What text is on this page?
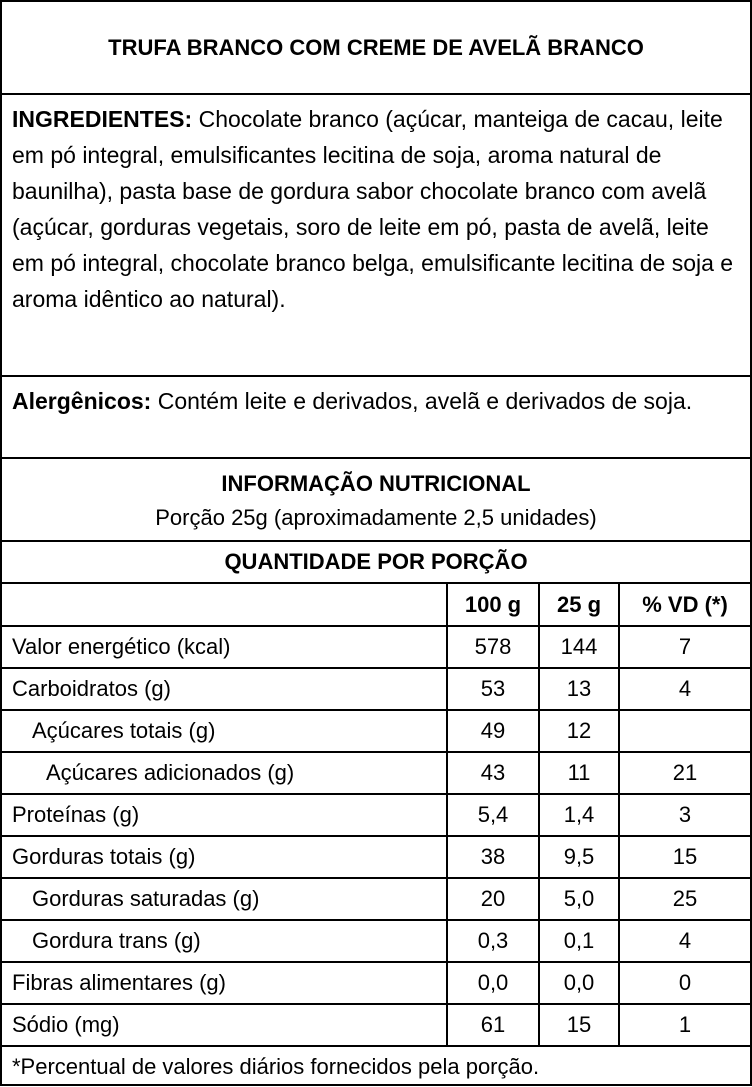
TRUFA BRANCO COM CREME DE AVELÃ BRANCO
INGREDIENTES: Chocolate branco (açúcar, manteiga de cacau, leite em pó integral, emulsificantes lecitina de soja, aroma natural de baunilha), pasta base de gordura sabor chocolate branco com avelã (açúcar, gorduras vegetais, soro de leite em pó, pasta de avelã, leite em pó integral, chocolate branco belga, emulsificante lecitina de soja e aroma idêntico ao natural).
Alergênicos: Contém leite e derivados, avelã e derivados de soja.
INFORMAÇÃO NUTRICIONAL
Porção 25g (aproximadamente 2,5 unidades)
QUANTIDADE POR PORÇÃO
	100 g	25 g	% VD (*)
Valor energético (kcal)	578	144	7
Carboidratos (g)	53	13	4
Açúcares totais (g)	49	12	
Açúcares adicionados (g)	43	11	21
Proteínas (g)	5,4	1,4	3
Gorduras totais (g)	38	9,5	15
Gorduras saturadas (g)	20	5,0	25
Gordura trans (g)	0,3	0,1	4
Fibras alimentares (g)	0,0	0,0	0
Sódio (mg)	61	15	1
*Percentual de valores diários fornecidos pela porção.
